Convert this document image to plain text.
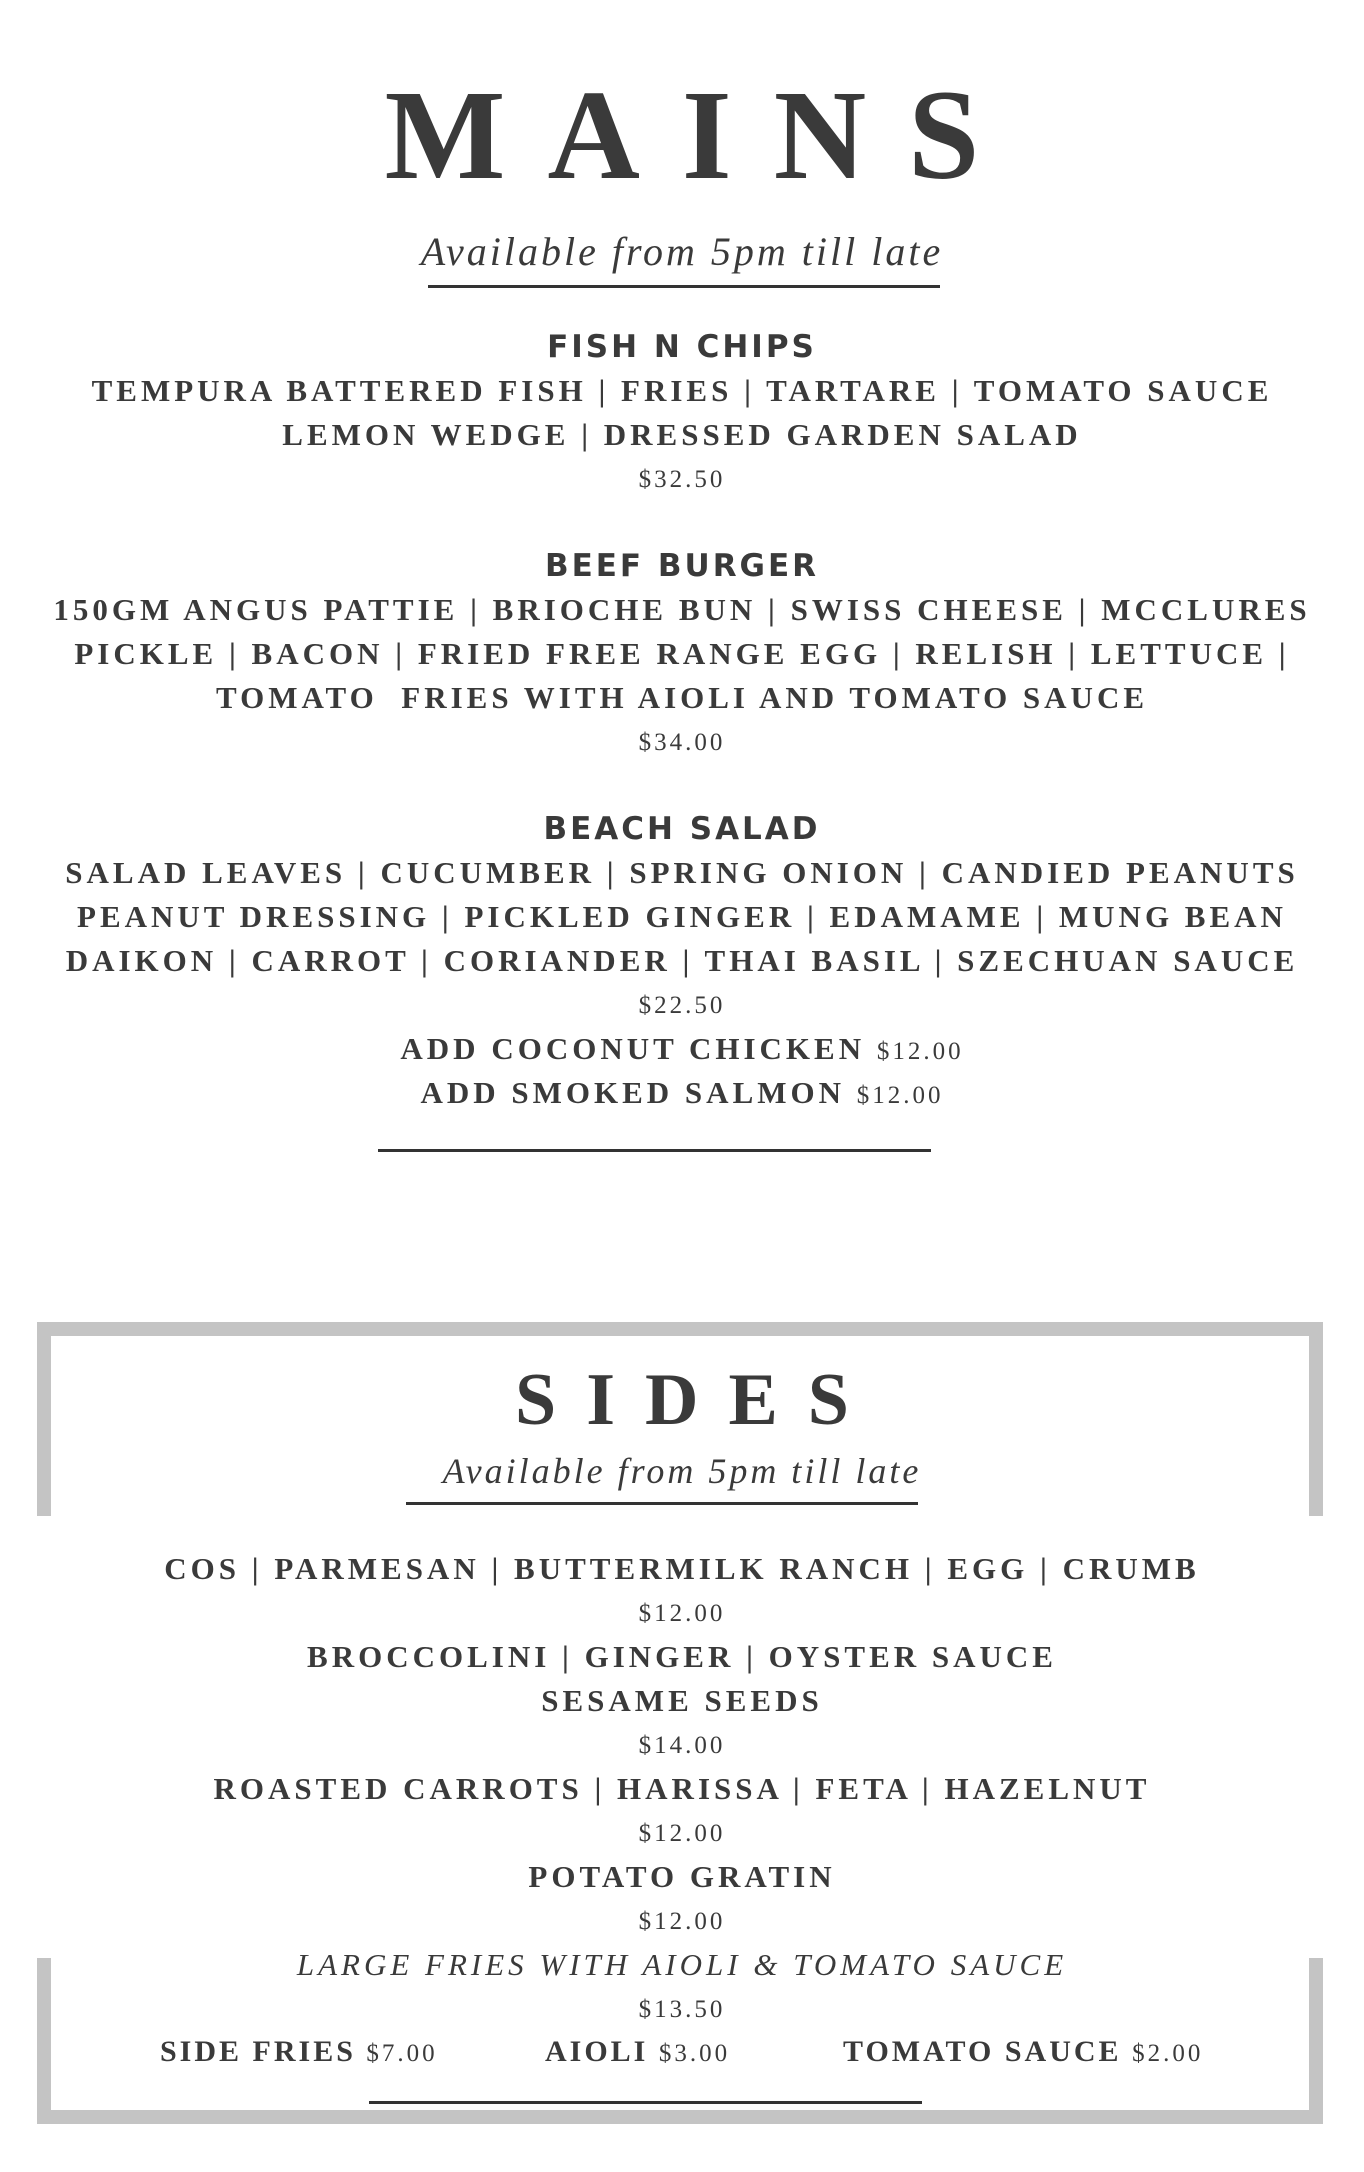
MAINS
Available from 5pm till late
FISH N CHIPS
TEMPURA BATTERED FISH | FRIES | TARTARE | TOMATO SAUCE
LEMON WEDGE | DRESSED GARDEN SALAD
$32.50
BEEF BURGER
150GM ANGUS PATTIE | BRIOCHE BUN | SWISS CHEESE | MCCLURES
PICKLE | BACON | FRIED FREE RANGE EGG | RELISH | LETTUCE |
TOMATO  FRIES WITH AIOLI AND TOMATO SAUCE
$34.00
BEACH SALAD
SALAD LEAVES | CUCUMBER | SPRING ONION | CANDIED PEANUTS
PEANUT DRESSING | PICKLED GINGER | EDAMAME | MUNG BEAN
DAIKON | CARROT | CORIANDER | THAI BASIL | SZECHUAN SAUCE
$22.50
ADD COCONUT CHICKEN $12.00
ADD SMOKED SALMON $12.00
SIDES
Available from 5pm till late
COS | PARMESAN | BUTTERMILK RANCH | EGG | CRUMB
$12.00
BROCCOLINI | GINGER | OYSTER SAUCE
SESAME SEEDS
$14.00
ROASTED CARROTS | HARISSA | FETA | HAZELNUT
$12.00
POTATO GRATIN
$12.00
LARGE FRIES WITH AIOLI & TOMATO SAUCE
$13.50
SIDE FRIES $7.00	AIOLI $3.00	TOMATO SAUCE $2.00
